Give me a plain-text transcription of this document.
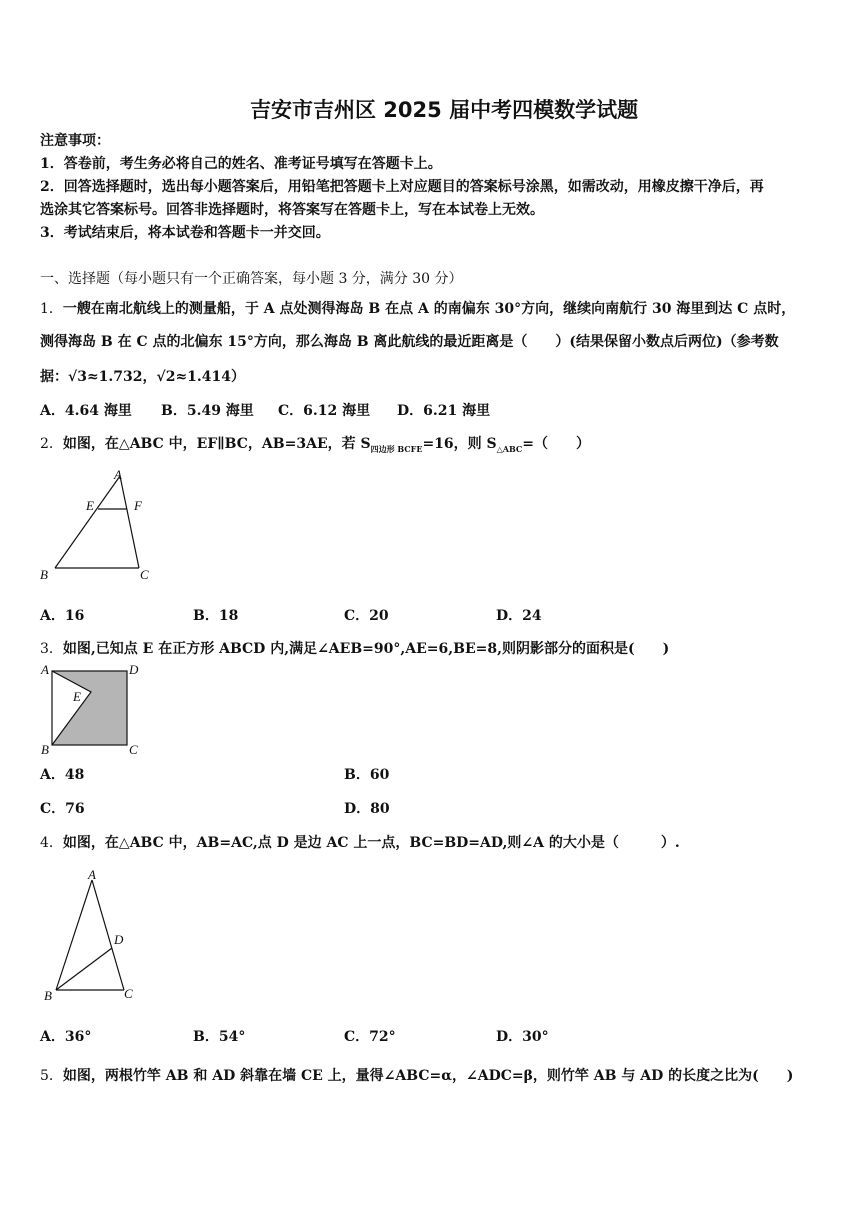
吉安市吉州区 2025 届中考四模数学试题
注意事项：
1．答卷前，考生务必将自己的姓名、准考证号填写在答题卡上。
2．回答选择题时，选出每小题答案后，用铅笔把答题卡上对应题目的答案标号涂黑，如需改动，用橡皮擦干净后，再
选涂其它答案标号。回答非选择题时，将答案写在答题卡上，写在本试卷上无效。
3．考试结束后，将本试卷和答题卡一并交回。
一、选择题（每小题只有一个正确答案，每小题 3 分，满分 30 分）
1．一艘在南北航线上的测量船，于 A 点处测得海岛 B 在点 A 的南偏东 30°方向，继续向南航行 30 海里到达 C 点时，
测得海岛 B 在 C 点的北偏东 15°方向，那么海岛 B 离此航线的最近距离是（　　）(结果保留小数点后两位)（参考数
据：√3≈1.732，√2≈1.414）
A．4.64 海里 B．5.49 海里 C．6.12 海里 D．6.21 海里
2．如图，在△ABC 中，EF∥BC，AB=3AE，若 $S_{四边形 BCFE}=16$，则 $S_{\triangle ABC}=$（　　）
A
E	F
B	C
A．16	B．18	C．20	D．24
3．如图,已知点 E 在正方形 ABCD 内,满足∠AEB=90°,AE=6,BE=8,则阴影部分的面积是(　　)
A	D
E
B	C
A．48	B．60
C．76	D．80
4．如图，在△ABC 中，AB=AC,点 D 是边 AC 上一点，BC=BD=AD,则∠A 的大小是（　　　）.
A
D
B	C
A．36°	B．54°	C．72°	D．30°
5．如图，两根竹竿 AB 和 AD 斜靠在墙 CE 上，量得∠ABC=α，∠ADC=β，则竹竿 AB 与 AD 的长度之比为(　　)
